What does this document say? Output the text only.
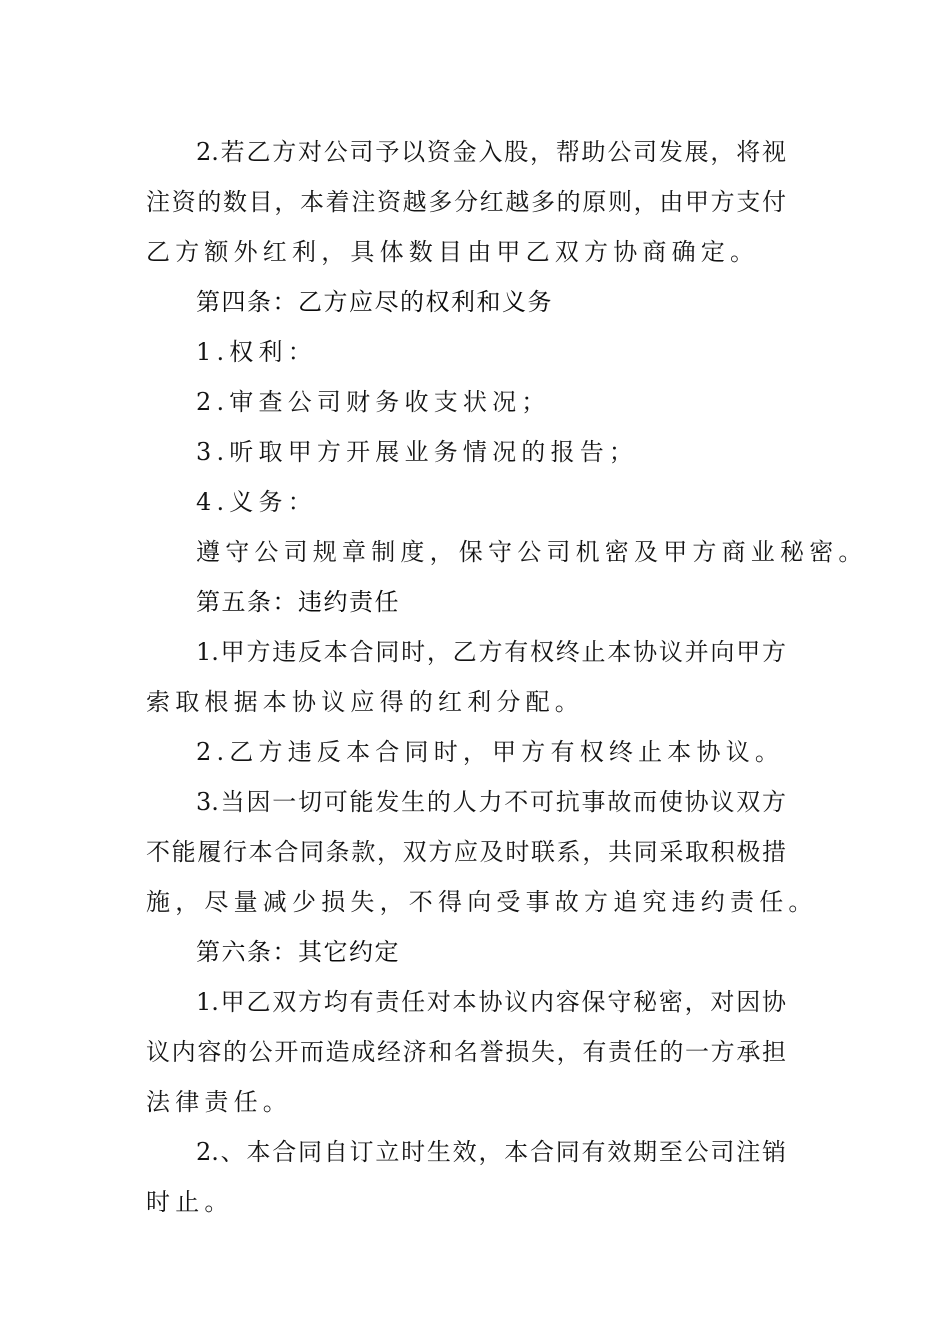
2.若乙方对公司予以资金入股，帮助公司发展，将视
注资的数目，本着注资越多分红越多的原则，由甲方支付
乙方额外红利，具体数目由甲乙双方协商确定。
第四条：乙方应尽的权利和义务
1.权利：
2.审查公司财务收支状况；
3.听取甲方开展业务情况的报告；
4.义务：
遵守公司规章制度，保守公司机密及甲方商业秘密。
第五条：违约责任
1.甲方违反本合同时，乙方有权终止本协议并向甲方
索取根据本协议应得的红利分配。
2.乙方违反本合同时，甲方有权终止本协议。
3.当因一切可能发生的人力不可抗事故而使协议双方
不能履行本合同条款，双方应及时联系，共同采取积极措
施，尽量减少损失，不得向受事故方追究违约责任。
第六条：其它约定
1.甲乙双方均有责任对本协议内容保守秘密，对因协
议内容的公开而造成经济和名誉损失，有责任的一方承担
法律责任。
2.、本合同自订立时生效，本合同有效期至公司注销
时止。
